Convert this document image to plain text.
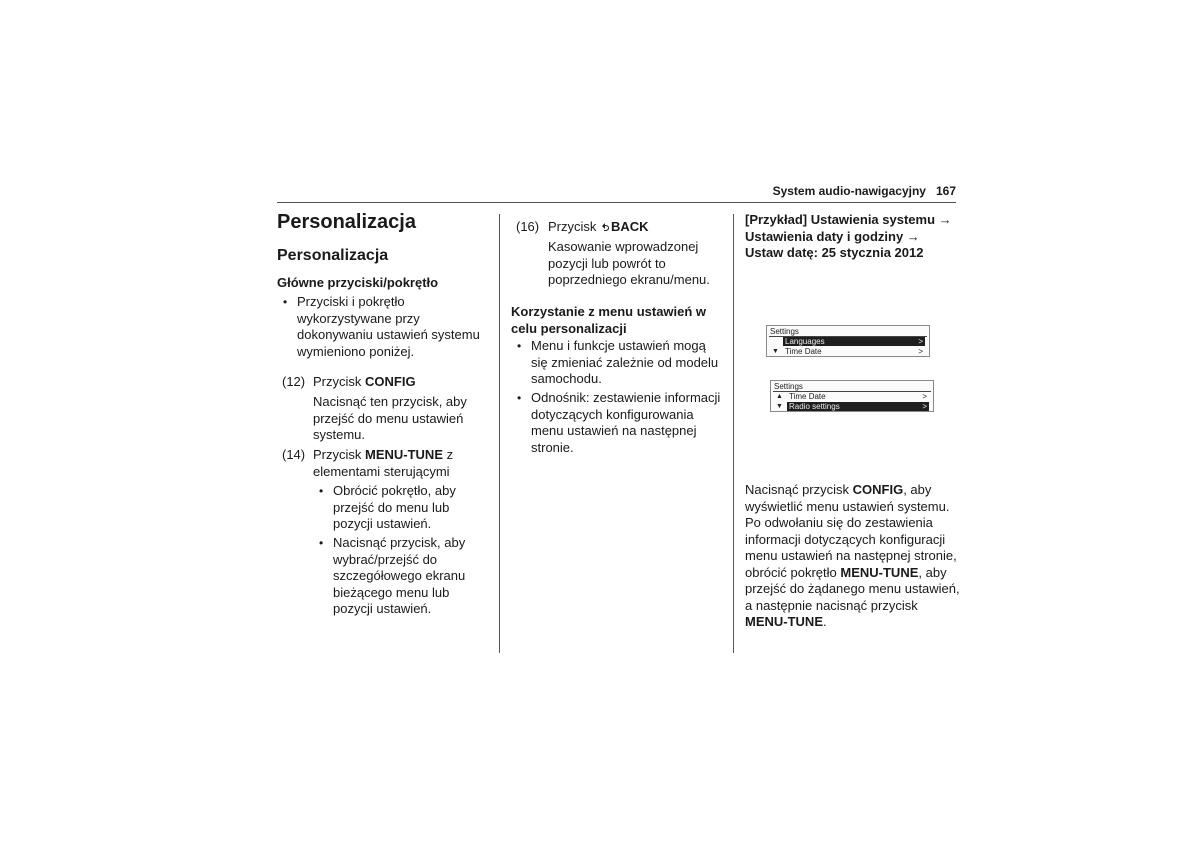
System audio-nawigacyjny 167
Personalizacja
Personalizacja
Główne przyciski/pokrętło
• Przyciski i pokrętło
wykorzystywane przy
dokonywaniu ustawień systemu
wymieniono poniżej.
(12) Przycisk CONFIG
Nacisnąć ten przycisk, aby
przejść do menu ustawień
systemu.
(14) Przycisk MENU-TUNE z
elementami sterującymi
• Obrócić pokrętło, aby
przejść do menu lub
pozycji ustawień.
• Nacisnąć przycisk, aby
wybrać/przejść do
szczegółowego ekranu
bieżącego menu lub
pozycji ustawień.
(16) Przycisk BACK
Kasowanie wprowadzonej
pozycji lub powrót to
poprzedniego ekranu/menu.
Korzystanie z menu ustawień w
celu personalizacji
• Menu i funkcje ustawień mogą
się zmieniać zależnie od modelu
samochodu.
• Odnośnik: zestawienie informacji
dotyczących konfigurowania
menu ustawień na następnej
stronie.
[Przykład] Ustawienia systemu →
Ustawienia daty i godziny →
Ustaw datę: 25 stycznia 2012
Settings
Languages	>
▼ Time Date	>
Settings
▲ Time Date	>
▼ Radio settings	>
Nacisnąć przycisk CONFIG, aby
wyświetlić menu ustawień systemu.
Po odwołaniu się do zestawienia
informacji dotyczących konfiguracji
menu ustawień na następnej stronie,
obrócić pokrętło MENU-TUNE, aby
przejść do żądanego menu ustawień,
a następnie nacisnąć przycisk
MENU-TUNE.
